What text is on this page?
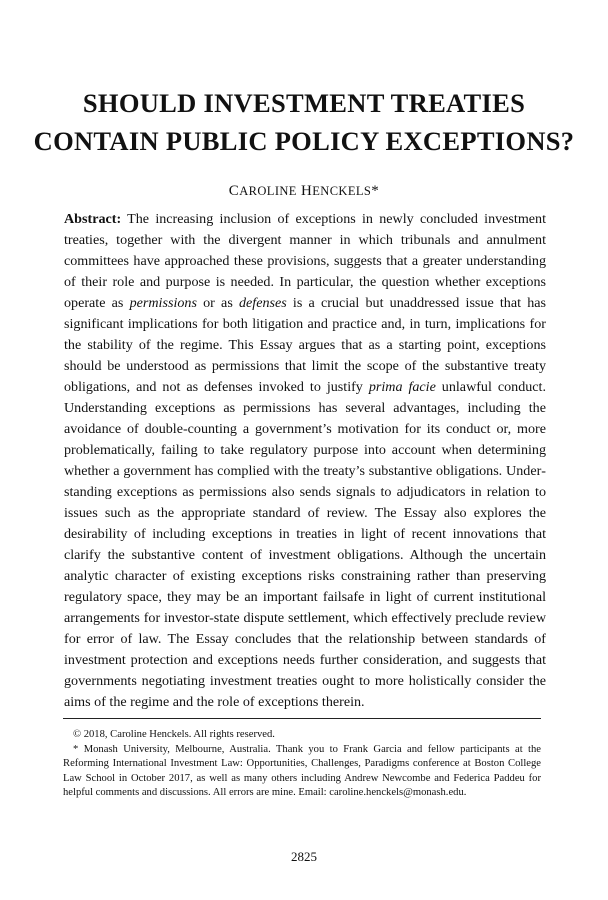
SHOULD INVESTMENT TREATIES
CONTAIN PUBLIC POLICY EXCEPTIONS?
CAROLINE HENCKELS*
Abstract: The increasing inclusion of exceptions in newly concluded investment treaties, together with the divergent manner in which tribunals and annulment committees have approached these provisions, suggests that a greater understanding of their role and purpose is needed. In particular, the question whether exceptions operate as permissions or as defenses is a crucial but unaddressed issue that has significant implications for both litigation and practice and, in turn, implications for the stability of the regime. This Essay argues that as a starting point, exceptions should be understood as permissions that limit the scope of the substantive treaty obligations, and not as defenses invoked to justify prima facie unlawful conduct. Understanding exceptions as permissions has several advantages, including the avoidance of double-counting a government’s motivation for its conduct or, more problematically, failing to take regulatory purpose into account when determining whether a government has complied with the treaty’s substantive obligations. Understanding exceptions as permissions also sends signals to adjudicators in relation to issues such as the appropriate standard of review. The Essay also explores the desirability of including exceptions in treaties in light of recent innovations that clarify the substantive content of investment obligations. Although the uncertain analytic character of existing exceptions risks constraining rather than preserving regulatory space, they may be an important failsafe in light of current institutional arrangements for investor-state dispute settlement, which effectively preclude review for error of law. The Essay concludes that the relationship between standards of investment protection and exceptions needs further consideration, and suggests that governments negotiating investment treaties ought to more holistically consider the aims of the regime and the role of exceptions therein.

© 2018, Caroline Henckels. All rights reserved.

* Monash University, Melbourne, Australia. Thank you to Frank Garcia and fellow participants at the Reforming International Investment Law: Opportunities, Challenges, Paradigms conference at Boston College Law School in October 2017, as well as many others including Andrew Newcombe and Federica Paddeu for helpful comments and discussions. All errors are mine. Email: caroline.henckels@monash.edu.

2825
